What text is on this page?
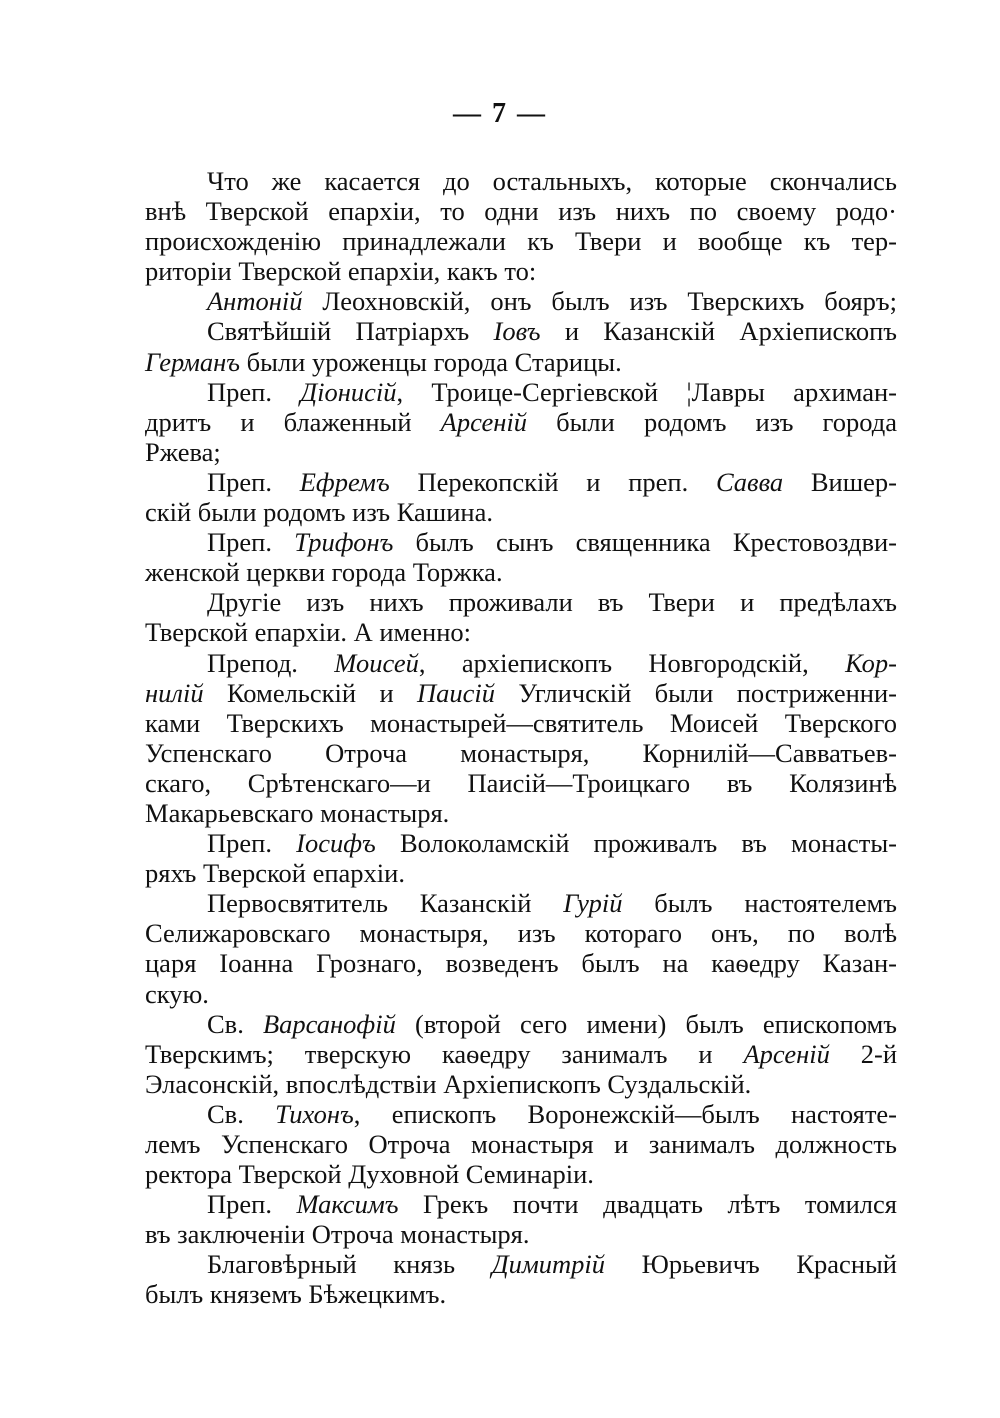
— 7 —
Что же касается до остальныхъ, которые скончались
внѣ Тверской епархіи, то одни изъ нихъ по своему родо·
происхожденію принадлежали къ Твери и вообще къ тер-
риторіи Тверской епархіи, какъ то:
Антоній Леохновскій, онъ былъ изъ Тверскихъ бояръ;
Святѣйшій Патріархъ Іовъ и Казанскій Архіепископъ
Германъ были уроженцы города Старицы.
Преп. Діонисій, Троице-Сергіевской ¦Лавры архиман-
дритъ и блаженный Арсеній были родомъ изъ города
Ржева;
Преп. Ефремъ Перекопскій и преп. Савва Вишер-
скій были родомъ изъ Кашина.
Преп. Трифонъ былъ сынъ священника Крестовоздви-
женской церкви города Торжка.
Другіе изъ нихъ проживали въ Твери и предѣлахъ
Тверской епархіи. А именно:
Препод. Моисей, архіепископъ Новгородскій, Кор-
нилій Комельскій и Паисій Угличскій были постриженни-
ками Тверскихъ монастырей—святитель Моисей Тверского
Успенскаго Отроча монастыря, Корнилій—Савватьев-
скаго, Срѣтенскаго—и Паисій—Троицкаго въ Колязинѣ
Макарьевскаго монастыря.
Преп. Іосифъ Волоколамскій проживалъ въ монасты-
ряхъ Тверской епархіи.
Первосвятитель Казанскій Гурій былъ настоятелемъ
Селижаровскаго монастыря, изъ котораго онъ, по волѣ
царя Іоанна Грознаго, возведенъ былъ на каѳедру Казан-
скую.
Св. Варсанофій (второй сего имени) былъ епископомъ
Тверскимъ; тверскую каѳедру занималъ и Арсеній 2-й
Эласонскій, впослѣдствіи Архіепископъ Суздальскій.
Св. Тихонъ, епископъ Воронежскій—былъ настояте-
лемъ Успенскаго Отроча монастыря и занималъ должность
ректора Тверской Духовной Семинаріи.
Преп. Максимъ Грекъ почти двадцать лѣтъ томился
въ заключеніи Отроча монастыря.
Благовѣрный князь Димитрій Юрьевичъ Красный
былъ княземъ Бѣжецкимъ.
